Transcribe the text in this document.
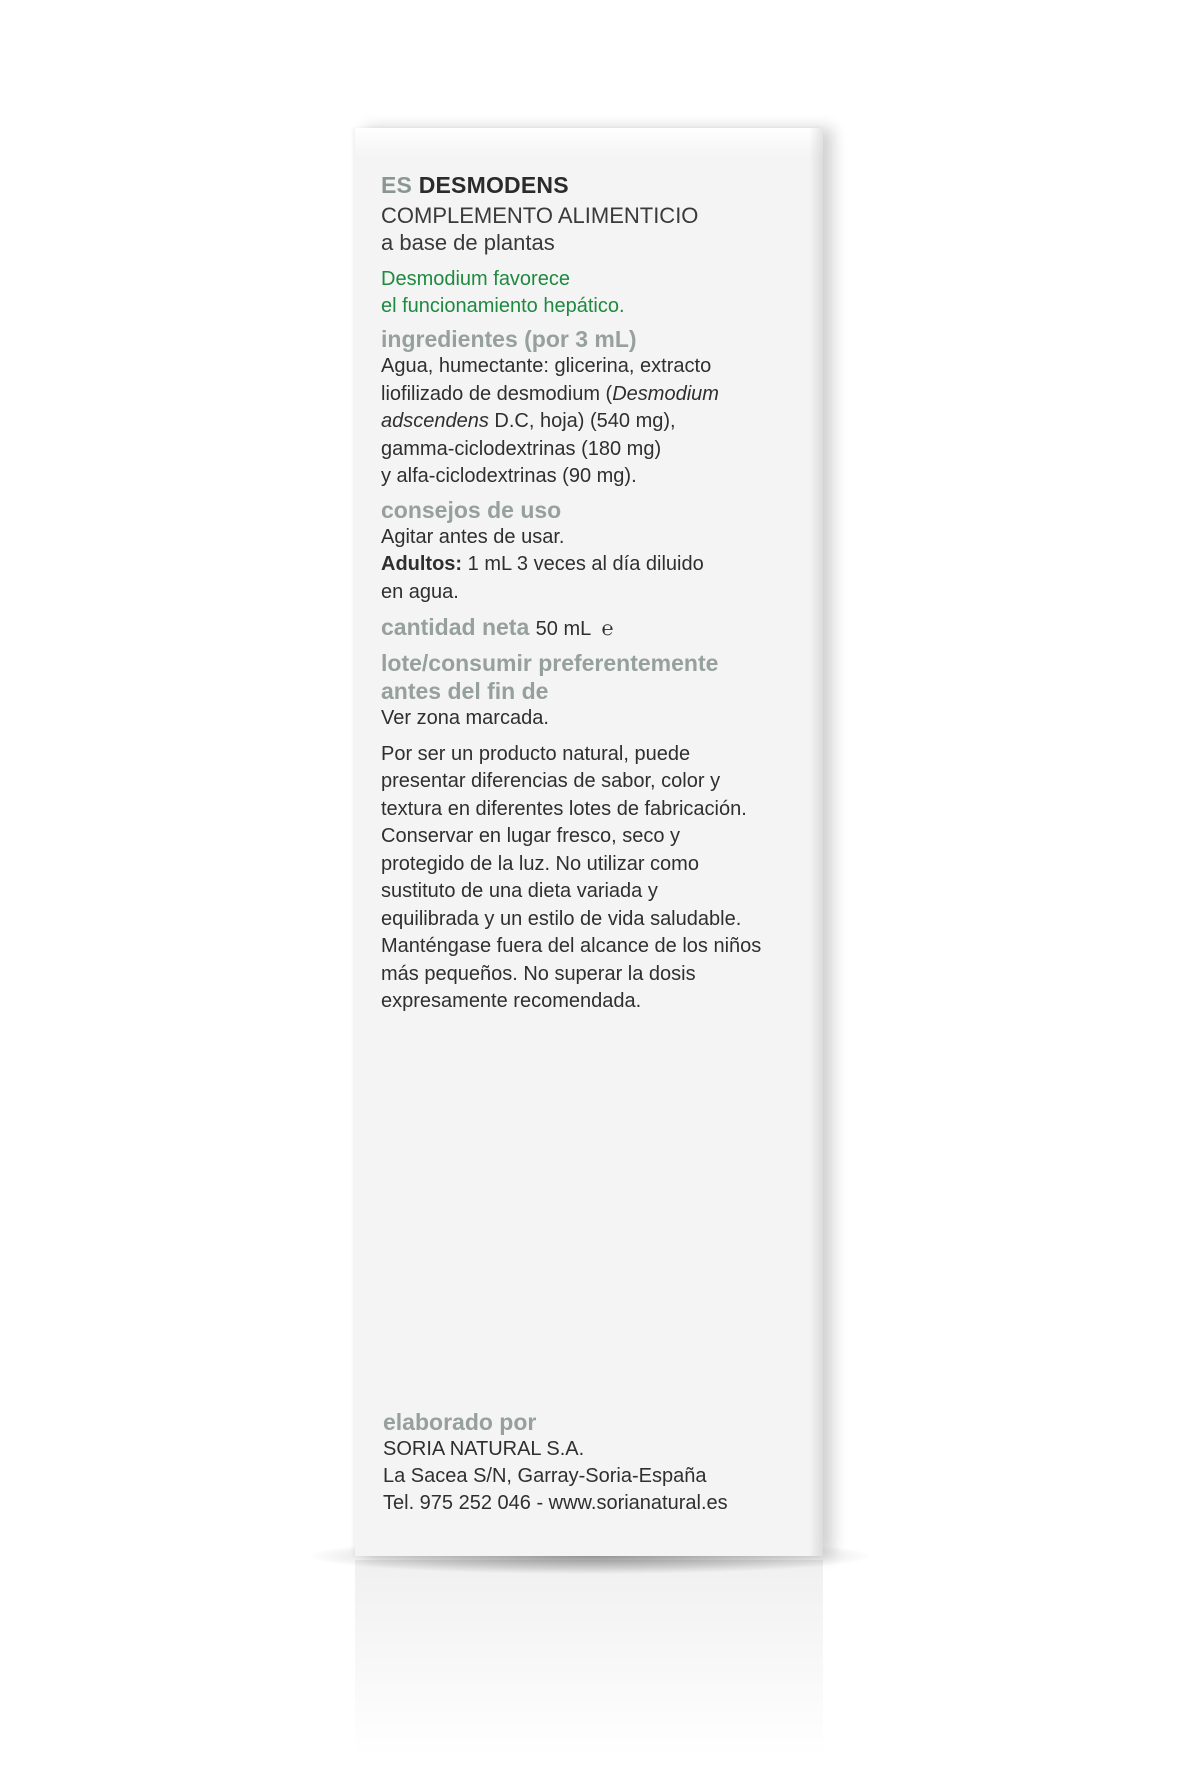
ES DESMODENS

COMPLEMENTO ALIMENTICIO
a base de plantas

Desmodium favorece
el funcionamiento hepático.

ingredientes (por 3 mL)

Agua, humectante: glicerina, extracto
liofilizado de desmodium (Desmodium
adscendens D.C, hoja) (540 mg),
gamma-ciclodextrinas (180 mg)
y alfa-ciclodextrinas (90 mg).

consejos de uso

Agitar antes de usar.
Adultos: 1 mL 3 veces al día diluido
en agua.

cantidad neta 50 mL ℮

lote/consumir preferentemente
antes del fin de

Ver zona marcada.

Por ser un producto natural, puede
presentar diferencias de sabor, color y
textura en diferentes lotes de fabricación.
Conservar en lugar fresco, seco y
protegido de la luz. No utilizar como
sustituto de una dieta variada y
equilibrada y un estilo de vida saludable.
Manténgase fuera del alcance de los niños
más pequeños. No superar la dosis
expresamente recomendada.

elaborado por

SORIA NATURAL S.A.
La Sacea S/N, Garray-Soria-España
Tel. 975 252 046 - www.sorianatural.es
